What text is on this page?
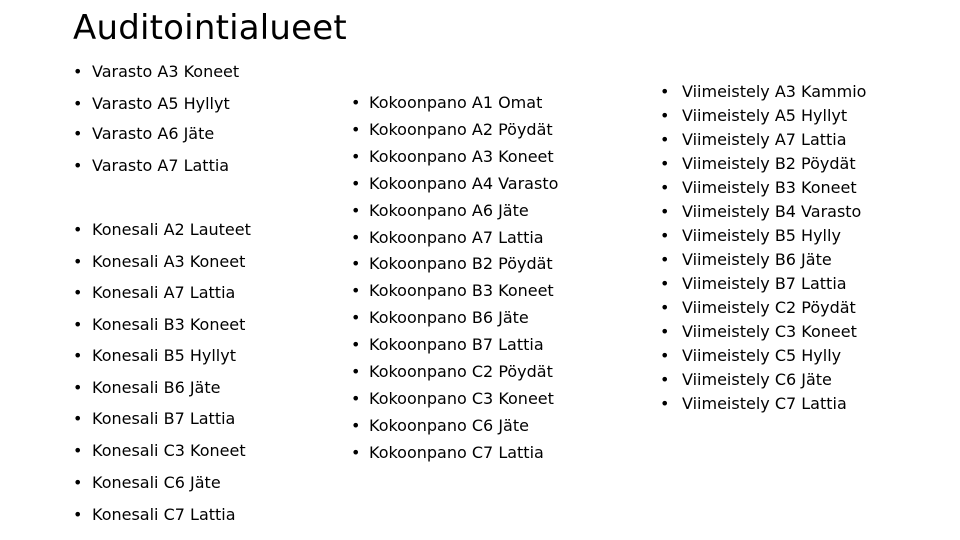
Auditointialueet
• Varasto A3 Koneet
• Varasto A5 Hyllyt
• Varasto A6 Jäte
• Varasto A7 Lattia
• Konesali A2 Lauteet
• Konesali A3 Koneet
• Konesali A7 Lattia
• Konesali B3 Koneet
• Konesali B5 Hyllyt
• Konesali B6 Jäte
• Konesali B7 Lattia
• Konesali C3 Koneet
• Konesali C6 Jäte
• Konesali C7 Lattia
• Kokoonpano A1 Omat
• Kokoonpano A2 Pöydät
• Kokoonpano A3 Koneet
• Kokoonpano A4 Varasto
• Kokoonpano A6 Jäte
• Kokoonpano A7 Lattia
• Kokoonpano B2 Pöydät
• Kokoonpano B3 Koneet
• Kokoonpano B6 Jäte
• Kokoonpano B7 Lattia
• Kokoonpano C2 Pöydät
• Kokoonpano C3 Koneet
• Kokoonpano C6 Jäte
• Kokoonpano C7 Lattia
• Viimeistely A3 Kammio
• Viimeistely A5 Hyllyt
• Viimeistely A7 Lattia
• Viimeistely B2 Pöydät
• Viimeistely B3 Koneet
• Viimeistely B4 Varasto
• Viimeistely B5 Hylly
• Viimeistely B6 Jäte
• Viimeistely B7 Lattia
• Viimeistely C2 Pöydät
• Viimeistely C3 Koneet
• Viimeistely C5 Hylly
• Viimeistely C6 Jäte
• Viimeistely C7 Lattia
